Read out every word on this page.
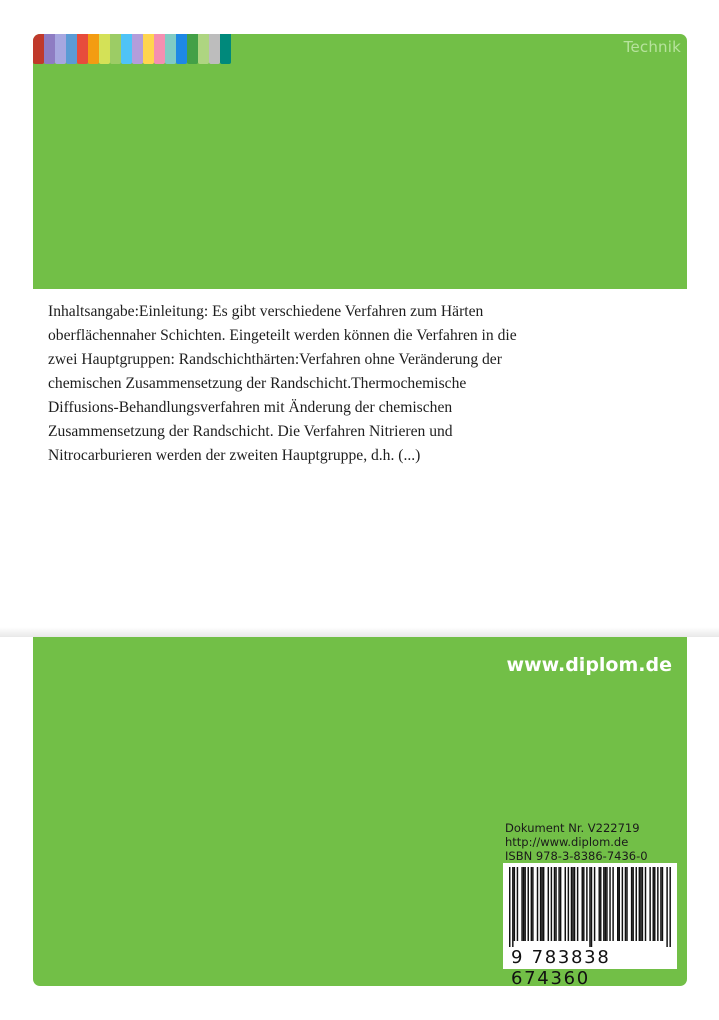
Technik
Inhaltsangabe:Einleitung: Es gibt verschiedene Verfahren zum Härten
oberflächennaher Schichten. Eingeteilt werden können die Verfahren in die
zwei Hauptgruppen: Randschichthärten:Verfahren ohne Veränderung der
chemischen Zusammensetzung der Randschicht.Thermochemische
Diffusions-Behandlungsverfahren mit Änderung der chemischen
Zusammensetzung der Randschicht. Die Verfahren Nitrieren und
Nitrocarburieren werden der zweiten Hauptgruppe, d.h. (...)
www.diplom.de
Dokument Nr. V222719
http://www.diplom.de
ISBN 978-3-8386-7436-0
9 783838 674360
